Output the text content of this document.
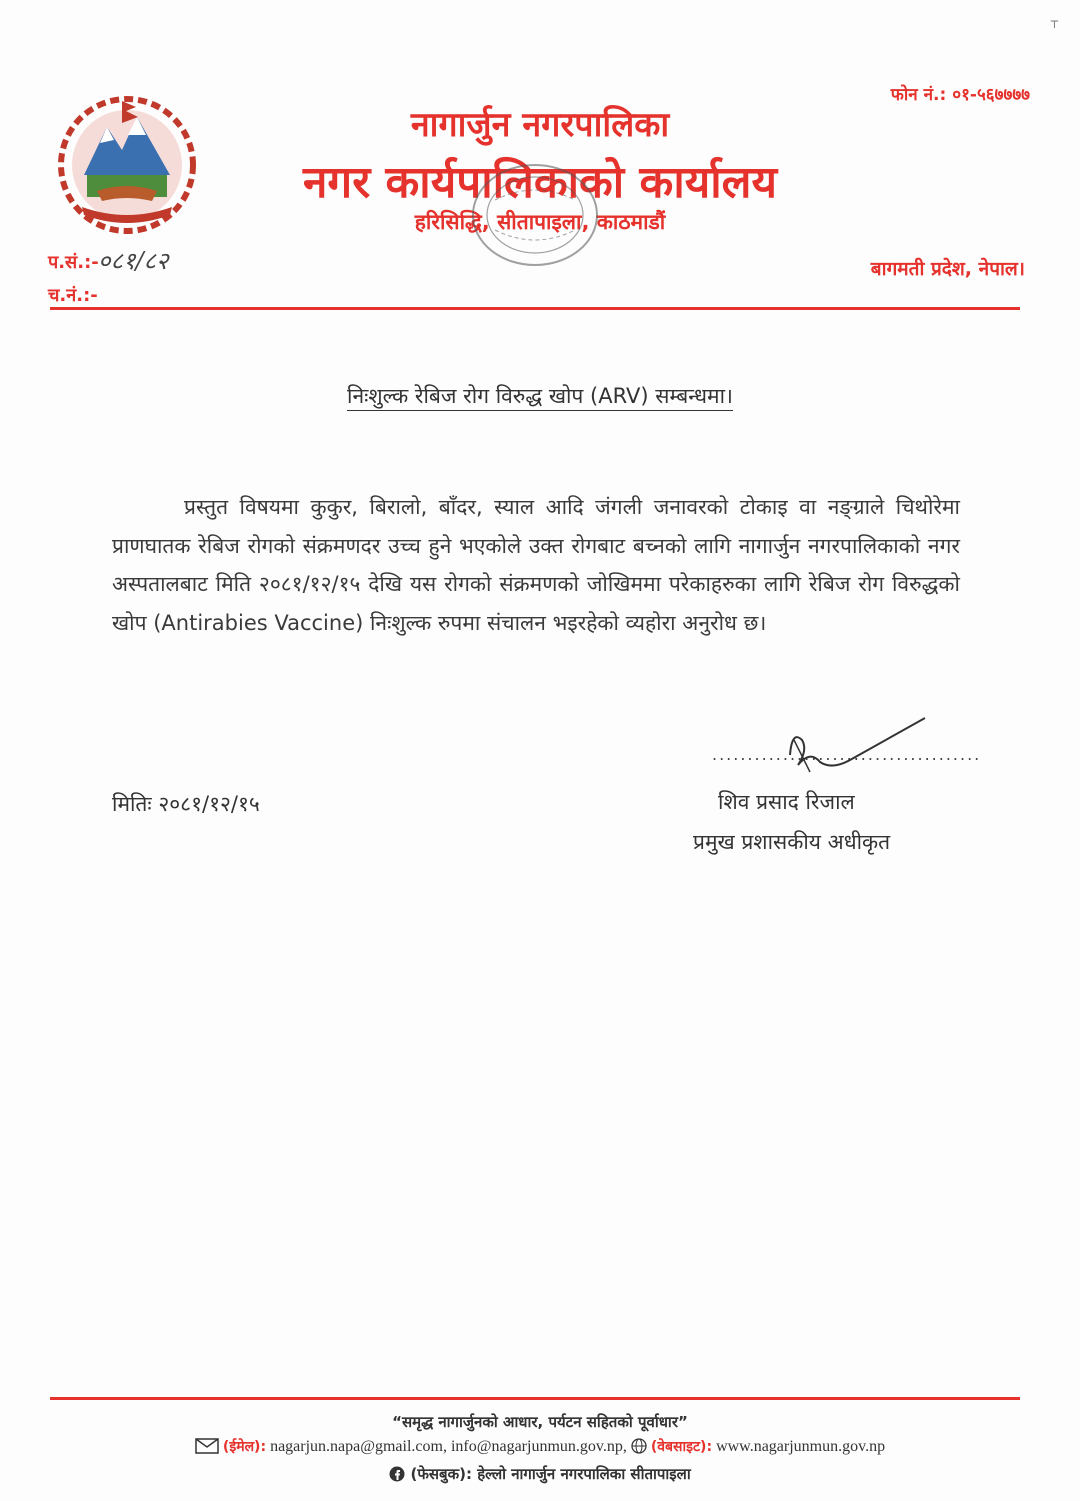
┬
फोन नं.: ०१-५६७७७७
नागार्जुन नगरपालिका
नगर कार्यपालिकाको कार्यालय
हरिसिद्धि, सीतापाइला, काठमाडौं
प.सं.:- ०८१/८२
च.नं.:-
बागमती प्रदेश, नेपाल।
निःशुल्क रेबिज रोग विरुद्ध खोप (ARV) सम्बन्धमा।
प्रस्तुत विषयमा कुकुर, बिरालो, बाँदर, स्याल आदि जंगली जनावरको टोकाइ वा नङ्ग्राले चिथोरेमा प्राणघातक रेबिज रोगको संक्रमणदर उच्च हुने भएकोले उक्त रोगबाट बच्नको लागि नागार्जुन नगरपालिकाको नगर अस्पतालबाट मिति २०८१/१२/१५ देखि यस रोगको संक्रमणको जोखिममा परेकाहरुका लागि रेबिज रोग विरुद्धको खोप (Antirabies Vaccine) निःशुल्क रुपमा संचालन भइरहेको व्यहोरा अनुरोध छ।
......................................
शिव प्रसाद रिजाल
प्रमुख प्रशासकीय अधीकृत
मितिः २०८१/१२/१५
“समृद्ध नागार्जुनको आधार, पर्यटन सहितको पूर्वाधार”
(ईमेल): nagarjun.napa@gmail.com, info@nagarjunmun.gov.np, (वेबसाइट): www.nagarjunmun.gov.np
(फेसबुक): हेल्लो नागार्जुन नगरपालिका सीतापाइला
